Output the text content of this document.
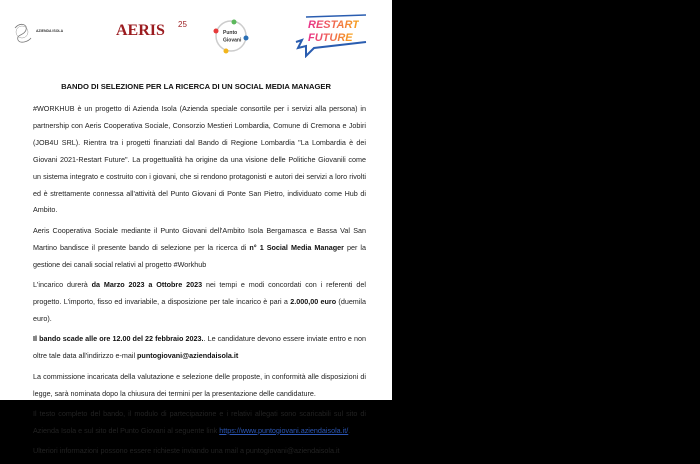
AZIENDA ISOLA	AERIS 25
Punto
Giovani
RESTART
FUTURE
BANDO DI SELEZIONE PER LA RICERCA DI UN SOCIAL MEDIA MANAGER

#WORKHUB è un progetto di Azienda Isola (Azienda speciale consortile per i servizi alla persona) in partnership con Aeris Cooperativa Sociale, Consorzio Mestieri Lombardia, Comune di Cremona e Jobiri (JOB4U SRL). Rientra tra i progetti finanziati dal Bando di Regione Lombardia "La Lombardia è dei Giovani 2021-Restart Future". La progettualità ha origine da una visione delle Politiche Giovanili come un sistema integrato e costruito con i giovani, che si rendono protagonisti e autori dei servizi a loro rivolti ed è strettamente connessa all'attività del Punto Giovani di Ponte San Pietro, individuato come Hub di Ambito.

Aeris Cooperativa Sociale mediante il Punto Giovani dell'Ambito Isola Bergamasca e Bassa Val San Martino bandisce il presente bando di selezione per la ricerca di n° 1 Social Media Manager per la gestione dei canali social relativi al progetto #Workhub

L'incarico durerà da Marzo 2023 a Ottobre 2023 nei tempi e modi concordati con i referenti del progetto. L'importo, fisso ed invariabile, a disposizione per tale incarico è pari a 2.000,00 euro (duemila euro).

Il bando scade alle ore 12.00 del 22 febbraio 2023.. Le candidature devono essere inviate entro e non oltre tale data all'indirizzo e-mail puntogiovani@aziendaisola.it

La commissione incaricata della valutazione e selezione delle proposte, in conformità alle disposizioni di legge, sarà nominata dopo la chiusura dei termini per la presentazione delle candidature.

Il testo completo del bando, il modulo di partecipazione e i relativi allegati sono scaricabili sul sito di Azienda Isola e sul sito del Punto Giovani al seguente link https://www.puntogiovani.aziendaisola.it/.

Ulteriori informazioni possono essere richieste inviando una mail a puntogiovani@aziendaisola.it
